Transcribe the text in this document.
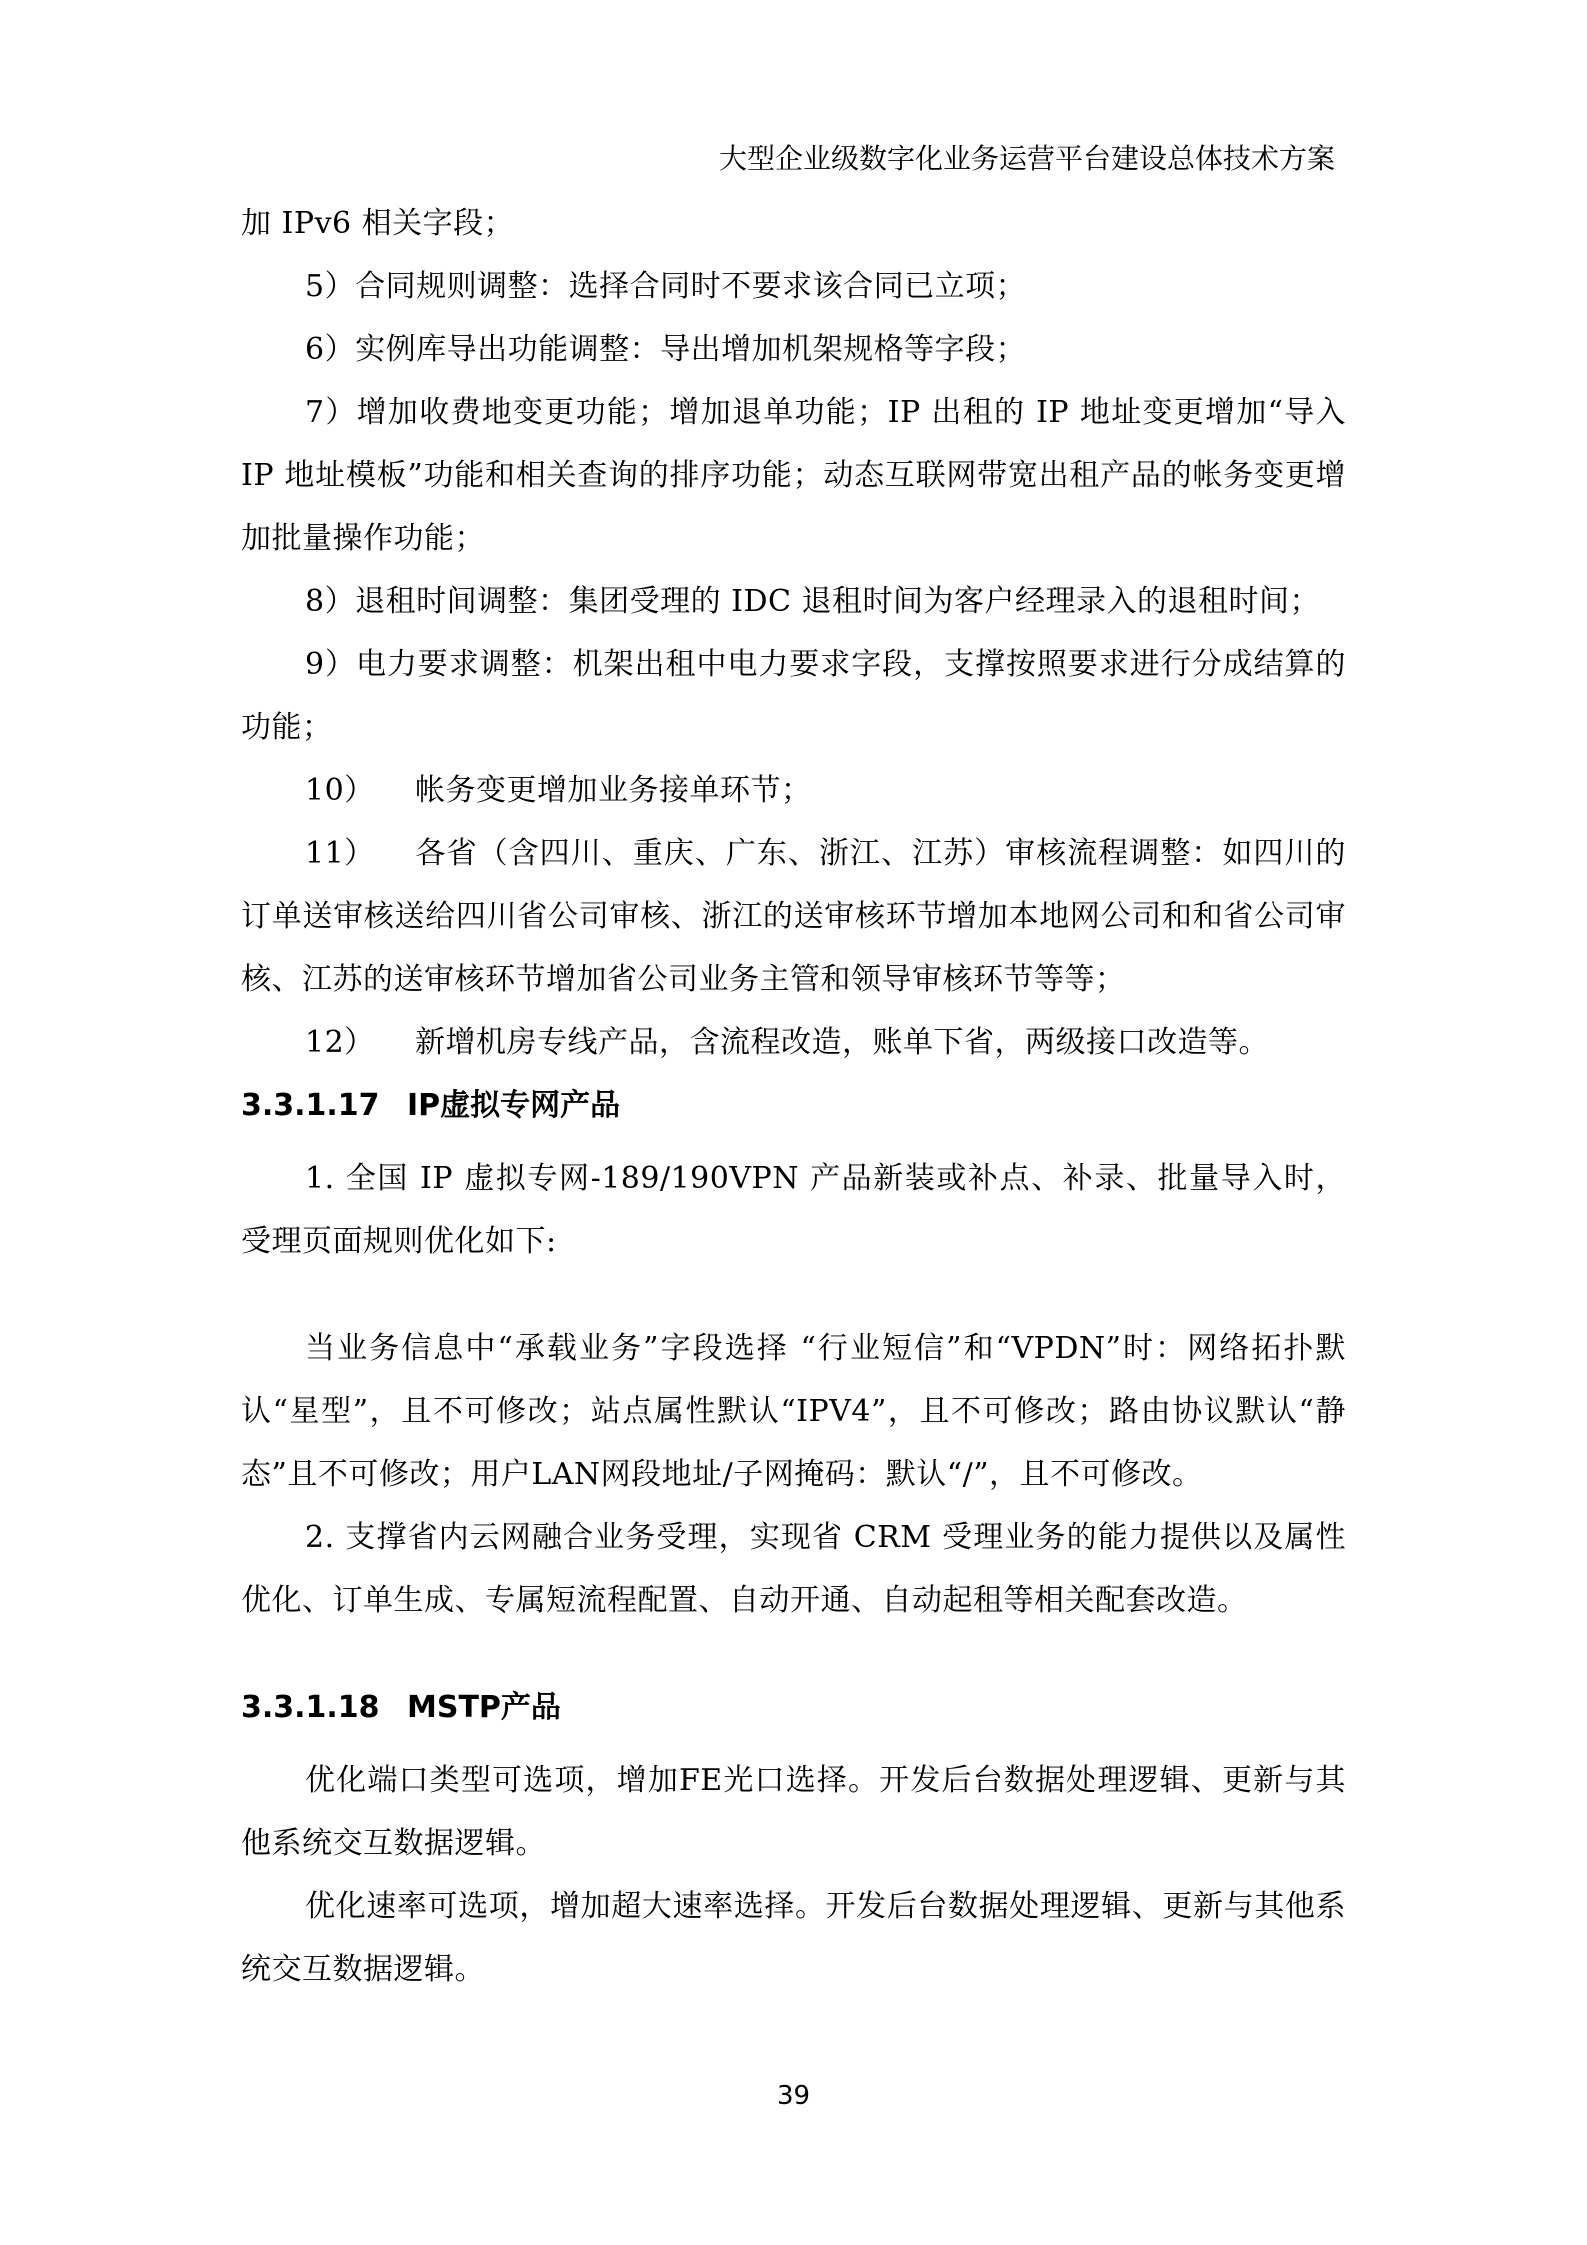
大型企业级数字化业务运营平台建设总体技术方案

加 IPv6 相关字段；

5）合同规则调整：选择合同时不要求该合同已立项；

6）实例库导出功能调整：导出增加机架规格等字段；

7）增加收费地变更功能；增加退单功能；IP 出租的 IP 地址变更增加“导入 IP 地址模板”功能和相关查询的排序功能；动态互联网带宽出租产品的帐务变更增加批量操作功能；

8）退租时间调整：集团受理的 IDC 退租时间为客户经理录入的退租时间；

9）电力要求调整：机架出租中电力要求字段，支撑按照要求进行分成结算的功能；

10） 帐务变更增加业务接单环节；

11） 各省（含四川、重庆、广东、浙江、江苏）审核流程调整：如四川的订单送审核送给四川省公司审核、浙江的送审核环节增加本地网公司和和省公司审核、江苏的送审核环节增加省公司业务主管和领导审核环节等等；

12） 新增机房专线产品，含流程改造，账单下省，两级接口改造等。

3.3.1.17 IP虚拟专网产品

1. 全国 IP 虚拟专网-189/190VPN 产品新装或补点、补录、批量导入时，受理页面规则优化如下:

当业务信息中“承载业务”字段选择 “行业短信”和“VPDN”时：网络拓扑默认“星型”，且不可修改；站点属性默认“IPV4”，且不可修改；路由协议默认“静态”且不可修改；用户LAN网段地址/子网掩码：默认“/”，且不可修改。

2. 支撑省内云网融合业务受理，实现省 CRM 受理业务的能力提供以及属性优化、订单生成、专属短流程配置、自动开通、自动起租等相关配套改造。

3.3.1.18 MSTP产品

优化端口类型可选项，增加FE光口选择。开发后台数据处理逻辑、更新与其他系统交互数据逻辑。

优化速率可选项，增加超大速率选择。开发后台数据处理逻辑、更新与其他系统交互数据逻辑。

39
